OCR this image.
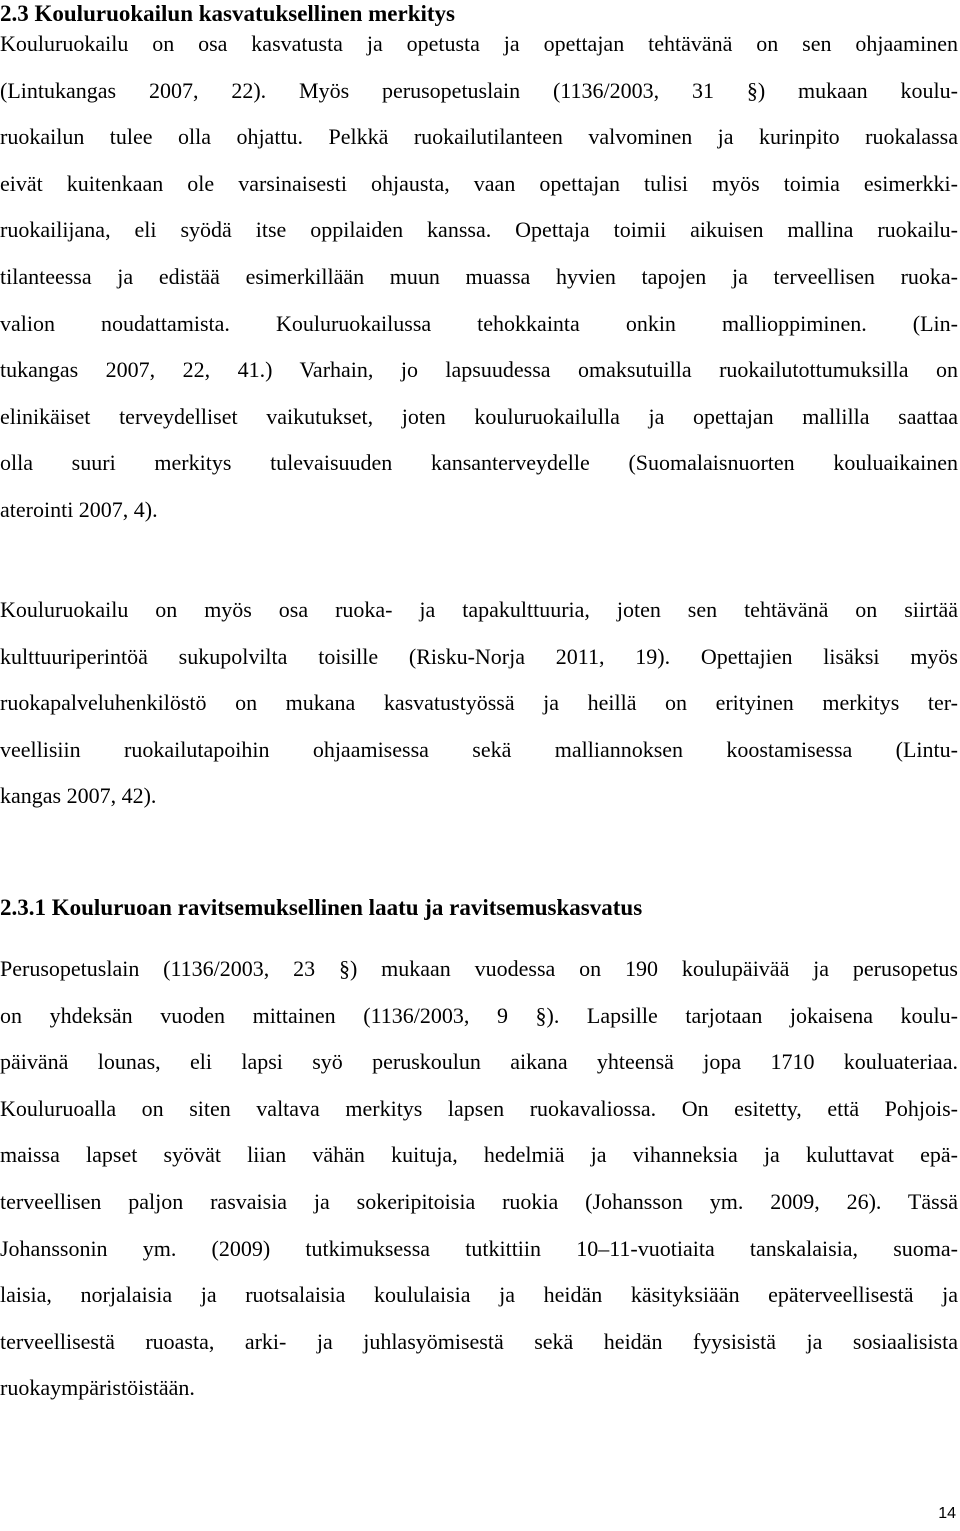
2.3 Kouluruokailun kasvatuksellinen merkitys
Kouluruokailu on osa kasvatusta ja opetusta ja opettajan tehtävänä on sen ohjaaminen
(Lintukangas 2007, 22). Myös perusopetuslain (1136/2003, 31 §) mukaan koulu-
ruokailun tulee olla ohjattu. Pelkkä ruokailutilanteen valvominen ja kurinpito ruokalassa
eivät kuitenkaan ole varsinaisesti ohjausta, vaan opettajan tulisi myös toimia esimerkki-
ruokailijana, eli syödä itse oppilaiden kanssa. Opettaja toimii aikuisen mallina ruokailu-
tilanteessa ja edistää esimerkillään muun muassa hyvien tapojen ja terveellisen ruoka-
valion noudattamista. Kouluruokailussa tehokkainta onkin mallioppiminen. (Lin-
tukangas 2007, 22, 41.) Varhain, jo lapsuudessa omaksutuilla ruokailutottumuksilla on
elinikäiset terveydelliset vaikutukset, joten kouluruokailulla ja opettajan mallilla saattaa
olla suuri merkitys tulevaisuuden kansanterveydelle (Suomalaisnuorten kouluaikainen
aterointi 2007, 4).
Kouluruokailu on myös osa ruoka- ja tapakulttuuria, joten sen tehtävänä on siirtää
kulttuuriperintöä sukupolvilta toisille (Risku-Norja 2011, 19). Opettajien lisäksi myös
ruokapalveluhenkilöstö on mukana kasvatustyössä ja heillä on erityinen merkitys ter-
veellisiin ruokailutapoihin ohjaamisessa sekä malliannoksen koostamisessa (Lintu-
kangas 2007, 42).
2.3.1 Kouluruoan ravitsemuksellinen laatu ja ravitsemuskasvatus
Perusopetuslain (1136/2003, 23 §) mukaan vuodessa on 190 koulupäivää ja perusopetus
on yhdeksän vuoden mittainen (1136/2003, 9 §). Lapsille tarjotaan jokaisena koulu-
päivänä lounas, eli lapsi syö peruskoulun aikana yhteensä jopa 1710 kouluateriaa.
Kouluruoalla on siten valtava merkitys lapsen ruokavaliossa. On esitetty, että Pohjois-
maissa lapset syövät liian vähän kuituja, hedelmiä ja vihanneksia ja kuluttavat epä-
terveellisen paljon rasvaisia ja sokeripitoisia ruokia (Johansson ym. 2009, 26). Tässä
Johanssonin ym. (2009) tutkimuksessa tutkittiin 10–11-vuotiaita tanskalaisia, suoma-
laisia, norjalaisia ja ruotsalaisia koululaisia ja heidän käsityksiään epäterveellisestä ja
terveellisestä ruoasta, arki- ja juhlasyömisestä sekä heidän fyysisistä ja sosiaalisista
ruokaympäristöistään.
14
